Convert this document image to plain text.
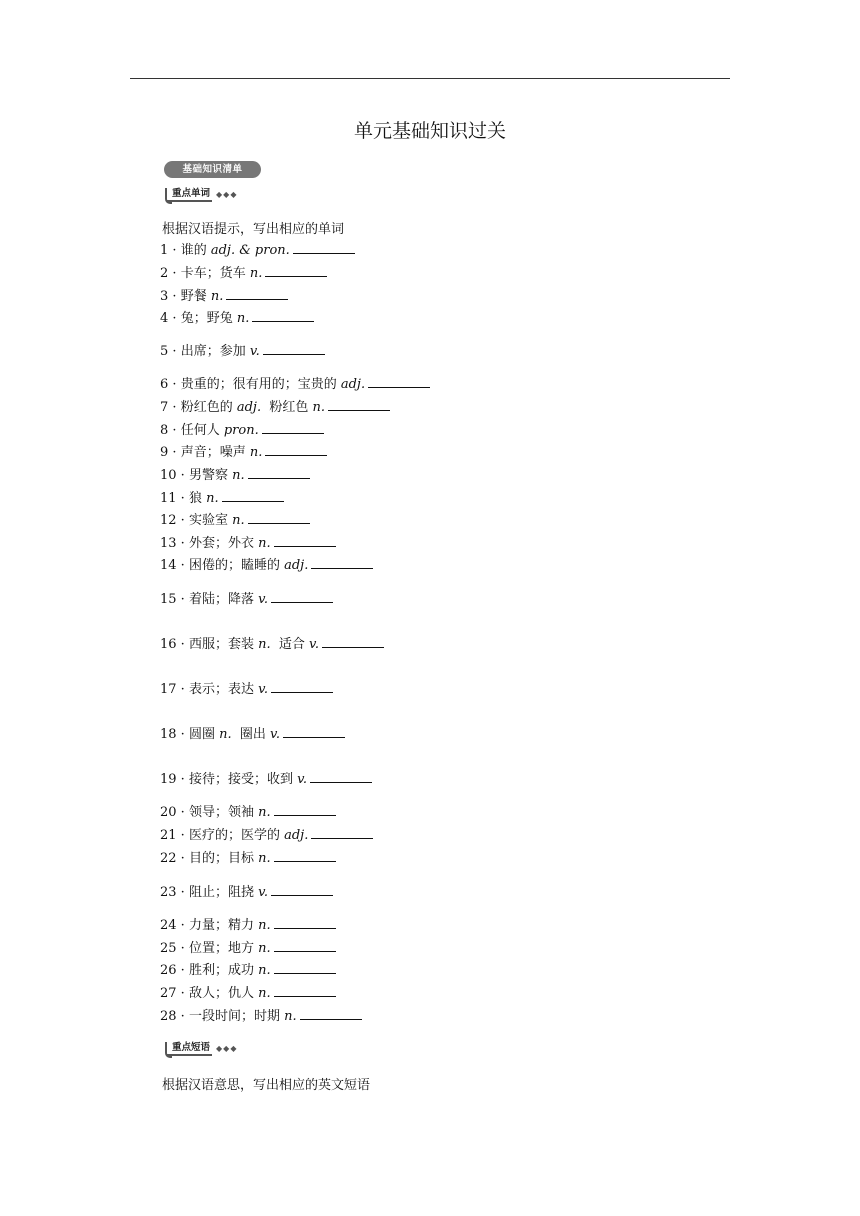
单元基础知识过关
基础知识清单
重点单词 ◆◆◆
根据汉语提示，写出相应的单词
1 · 谁的 adj. & pron.
2 · 卡车；货车 n.
3 · 野餐 n.
4 · 兔；野兔 n.
5 · 出席；参加 v.
6 · 贵重的；很有用的；宝贵的 adj.
7 · 粉红色的 adj. 粉红色 n.
8 · 任何人 pron.
9 · 声音；噪声 n.
10 · 男警察 n.
11 · 狼 n.
12 · 实验室 n.
13 · 外套；外衣 n.
14 · 困倦的；瞌睡的 adj.
15 · 着陆；降落 v.
16 · 西服；套装 n. 适合 v.
17 · 表示；表达 v.
18 · 圆圈 n. 圈出 v.
19 · 接待；接受；收到 v.
20 · 领导；领袖 n.
21 · 医疗的；医学的 adj.
22 · 目的；目标 n.
23 · 阻止；阻挠 v.
24 · 力量；精力 n.
25 · 位置；地方 n.
26 · 胜利；成功 n.
27 · 敌人；仇人 n.
28 · 一段时间；时期 n.
重点短语 ◆◆◆
根据汉语意思，写出相应的英文短语
